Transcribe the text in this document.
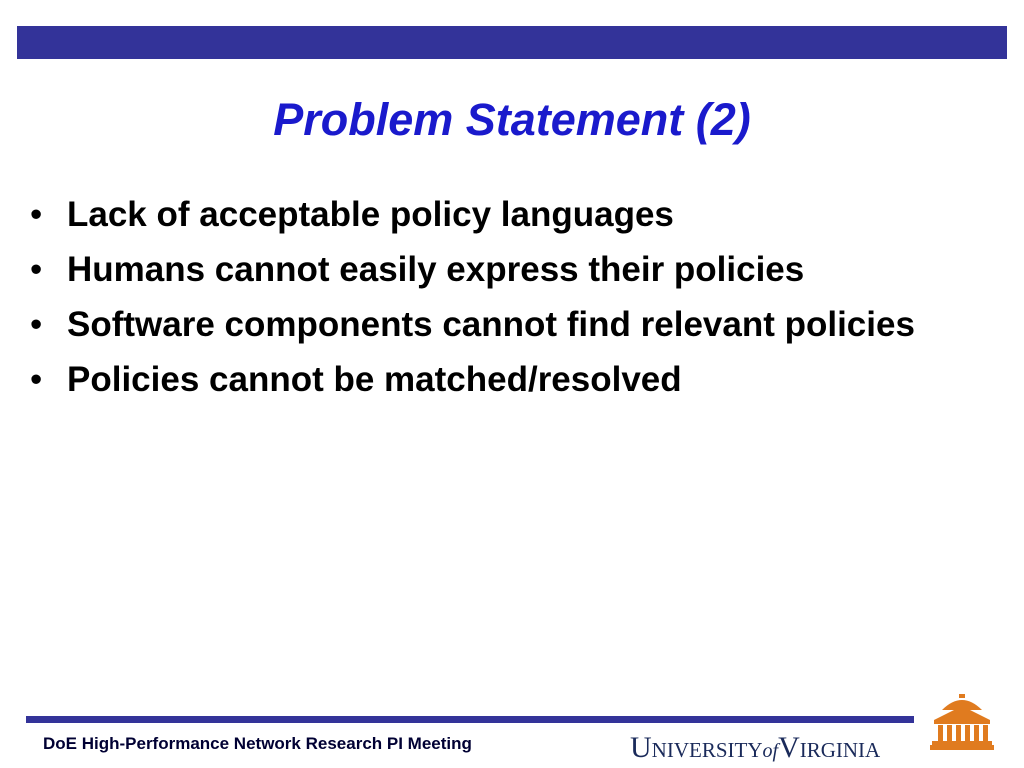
Problem Statement (2)
• Lack of acceptable policy languages
• Humans cannot easily express their policies
• Software components cannot find relevant policies
• Policies cannot be matched/resolved
DoE High-Performance Network Research PI Meeting	UNIVERSITYofVIRGINIA
